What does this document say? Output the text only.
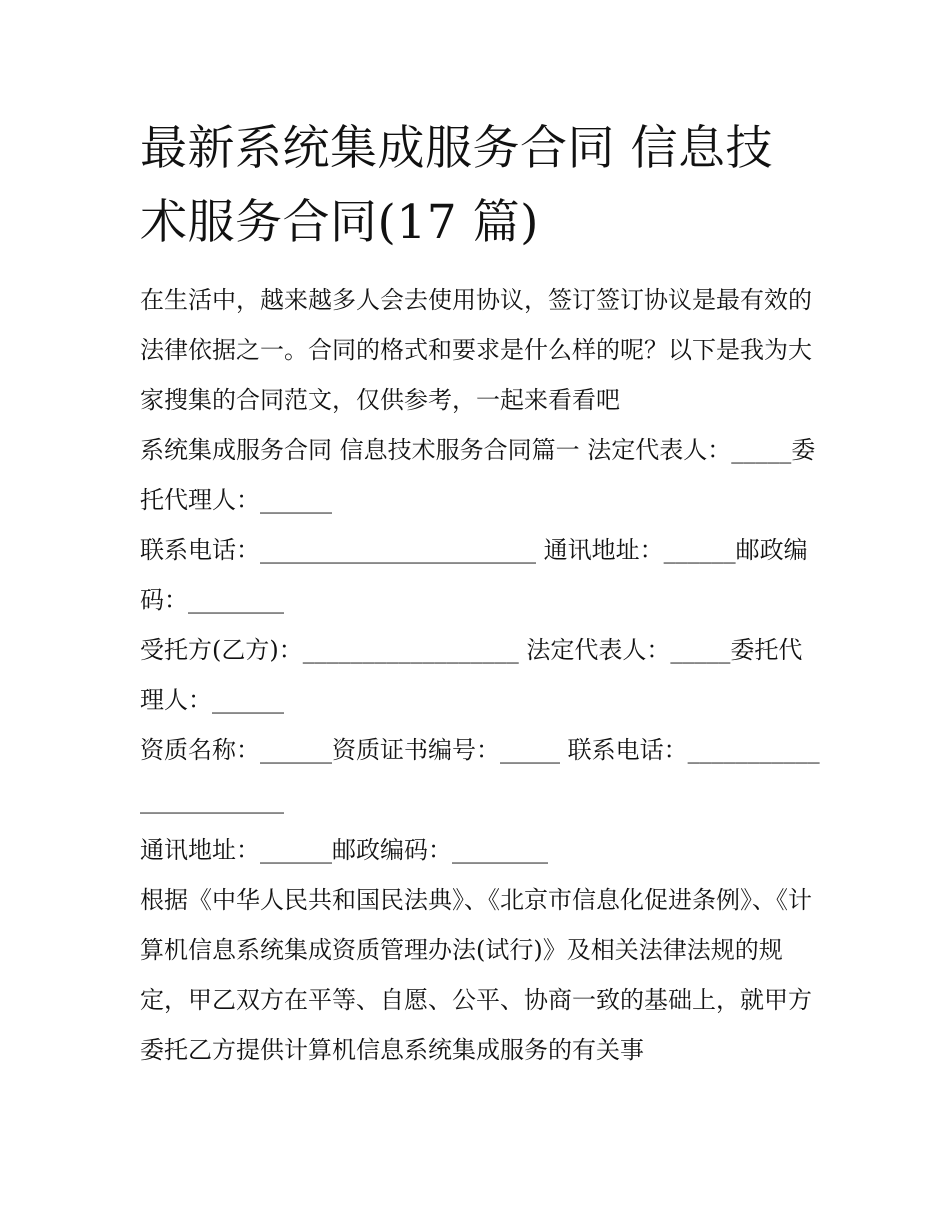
最新系统集成服务合同 信息技术服务合同(17 篇)

在生活中，越来越多人会去使用协议，签订签订协议是最有效的法律依据之一。合同的格式和要求是什么样的呢？以下是我为大家搜集的合同范文，仅供参考，一起来看看吧

系统集成服务合同 信息技术服务合同篇一 法定代表人：_____委托代理人：______

联系电话：_______________________ 通讯地址：______邮政编码：________

受托方(乙方)：__________________ 法定代表人：_____委托代理人：______

资质名称：______资质证书编号：_____ 联系电话：_______________________

通讯地址：______邮政编码：________

根据《中华人民共和国民法典》、《北京市信息化促进条例》、《计算机信息系统集成资质管理办法(试行)》及相关法律法规的规定，甲乙双方在平等、自愿、公平、协商一致的基础上，就甲方委托乙方提供计算机信息系统集成服务的有关事
